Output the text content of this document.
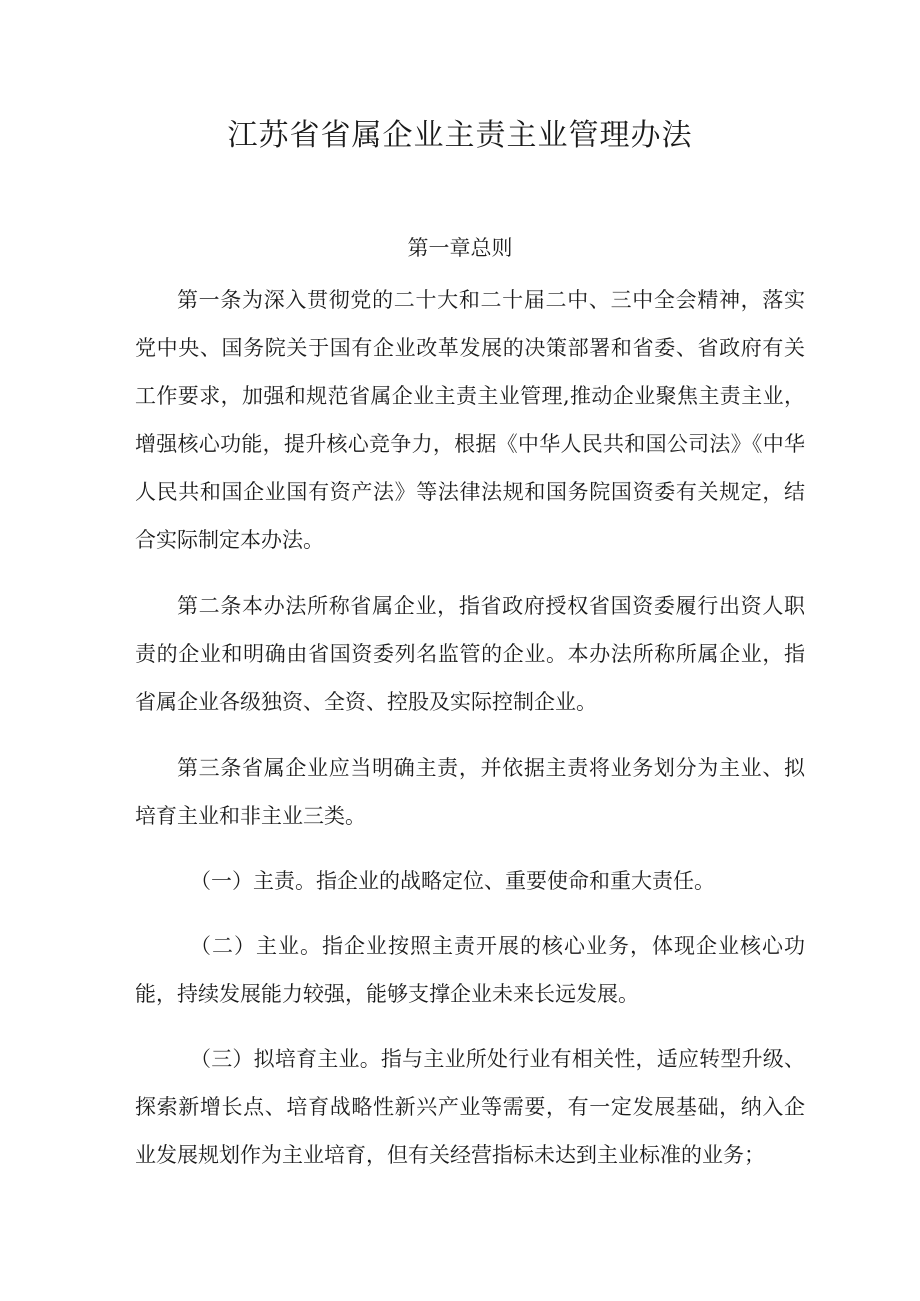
江苏省省属企业主责主业管理办法
第一章总则

第一条为深入贯彻党的二十大和二十届二中、三中全会精神，落实党中央、国务院关于国有企业改革发展的决策部署和省委、省政府有关工作要求，加强和规范省属企业主责主业管理,推动企业聚焦主责主业，增强核心功能，提升核心竞争力，根据《中华人民共和国公司法》《中华人民共和国企业国有资产法》等法律法规和国务院国资委有关规定，结合实际制定本办法。

第二条本办法所称省属企业，指省政府授权省国资委履行出资人职责的企业和明确由省国资委列名监管的企业。本办法所称所属企业，指省属企业各级独资、全资、控股及实际控制企业。

第三条省属企业应当明确主责，并依据主责将业务划分为主业、拟培育主业和非主业三类。

（一）主责。指企业的战略定位、重要使命和重大责任。

（二）主业。指企业按照主责开展的核心业务，体现企业核心功能，持续发展能力较强，能够支撑企业未来长远发展。

（三）拟培育主业。指与主业所处行业有相关性，适应转型升级、探索新增长点、培育战略性新兴产业等需要，有一定发展基础，纳入企业发展规划作为主业培育，但有关经营指标未达到主业标准的业务；
